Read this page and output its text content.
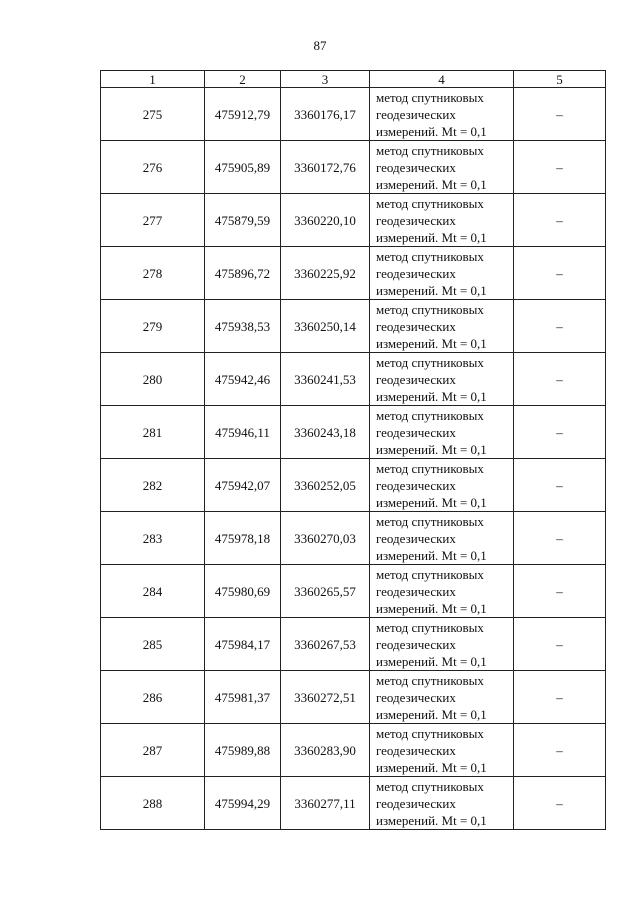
87
1	2	3	4	5
275	475912,79	3360176,17	метод спутниковых
геодезических
измерений. Mt = 0,1	–
276	475905,89	3360172,76	метод спутниковых
геодезических
измерений. Mt = 0,1	–
277	475879,59	3360220,10	метод спутниковых
геодезических
измерений. Mt = 0,1	–
278	475896,72	3360225,92	метод спутниковых
геодезических
измерений. Mt = 0,1	–
279	475938,53	3360250,14	метод спутниковых
геодезических
измерений. Mt = 0,1	–
280	475942,46	3360241,53	метод спутниковых
геодезических
измерений. Mt = 0,1	–
281	475946,11	3360243,18	метод спутниковых
геодезических
измерений. Mt = 0,1	–
282	475942,07	3360252,05	метод спутниковых
геодезических
измерений. Mt = 0,1	–
283	475978,18	3360270,03	метод спутниковых
геодезических
измерений. Mt = 0,1	–
284	475980,69	3360265,57	метод спутниковых
геодезических
измерений. Mt = 0,1	–
285	475984,17	3360267,53	метод спутниковых
геодезических
измерений. Mt = 0,1	–
286	475981,37	3360272,51	метод спутниковых
геодезических
измерений. Mt = 0,1	–
287	475989,88	3360283,90	метод спутниковых
геодезических
измерений. Mt = 0,1	–
288	475994,29	3360277,11	метод спутниковых
геодезических
измерений. Mt = 0,1	–
